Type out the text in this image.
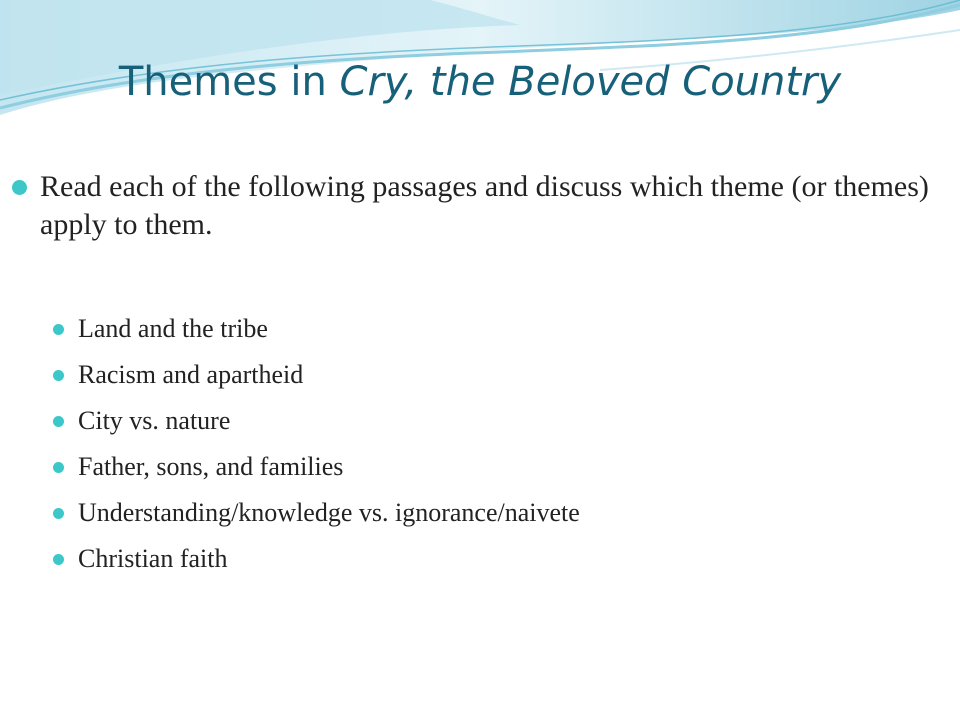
Themes in Cry, the Beloved Country
Read each of the following passages and discuss which theme (or themes) apply to them.
Land and the tribe
Racism and apartheid
City vs. nature
Father, sons, and families
Understanding/knowledge vs. ignorance/naivete
Christian faith
